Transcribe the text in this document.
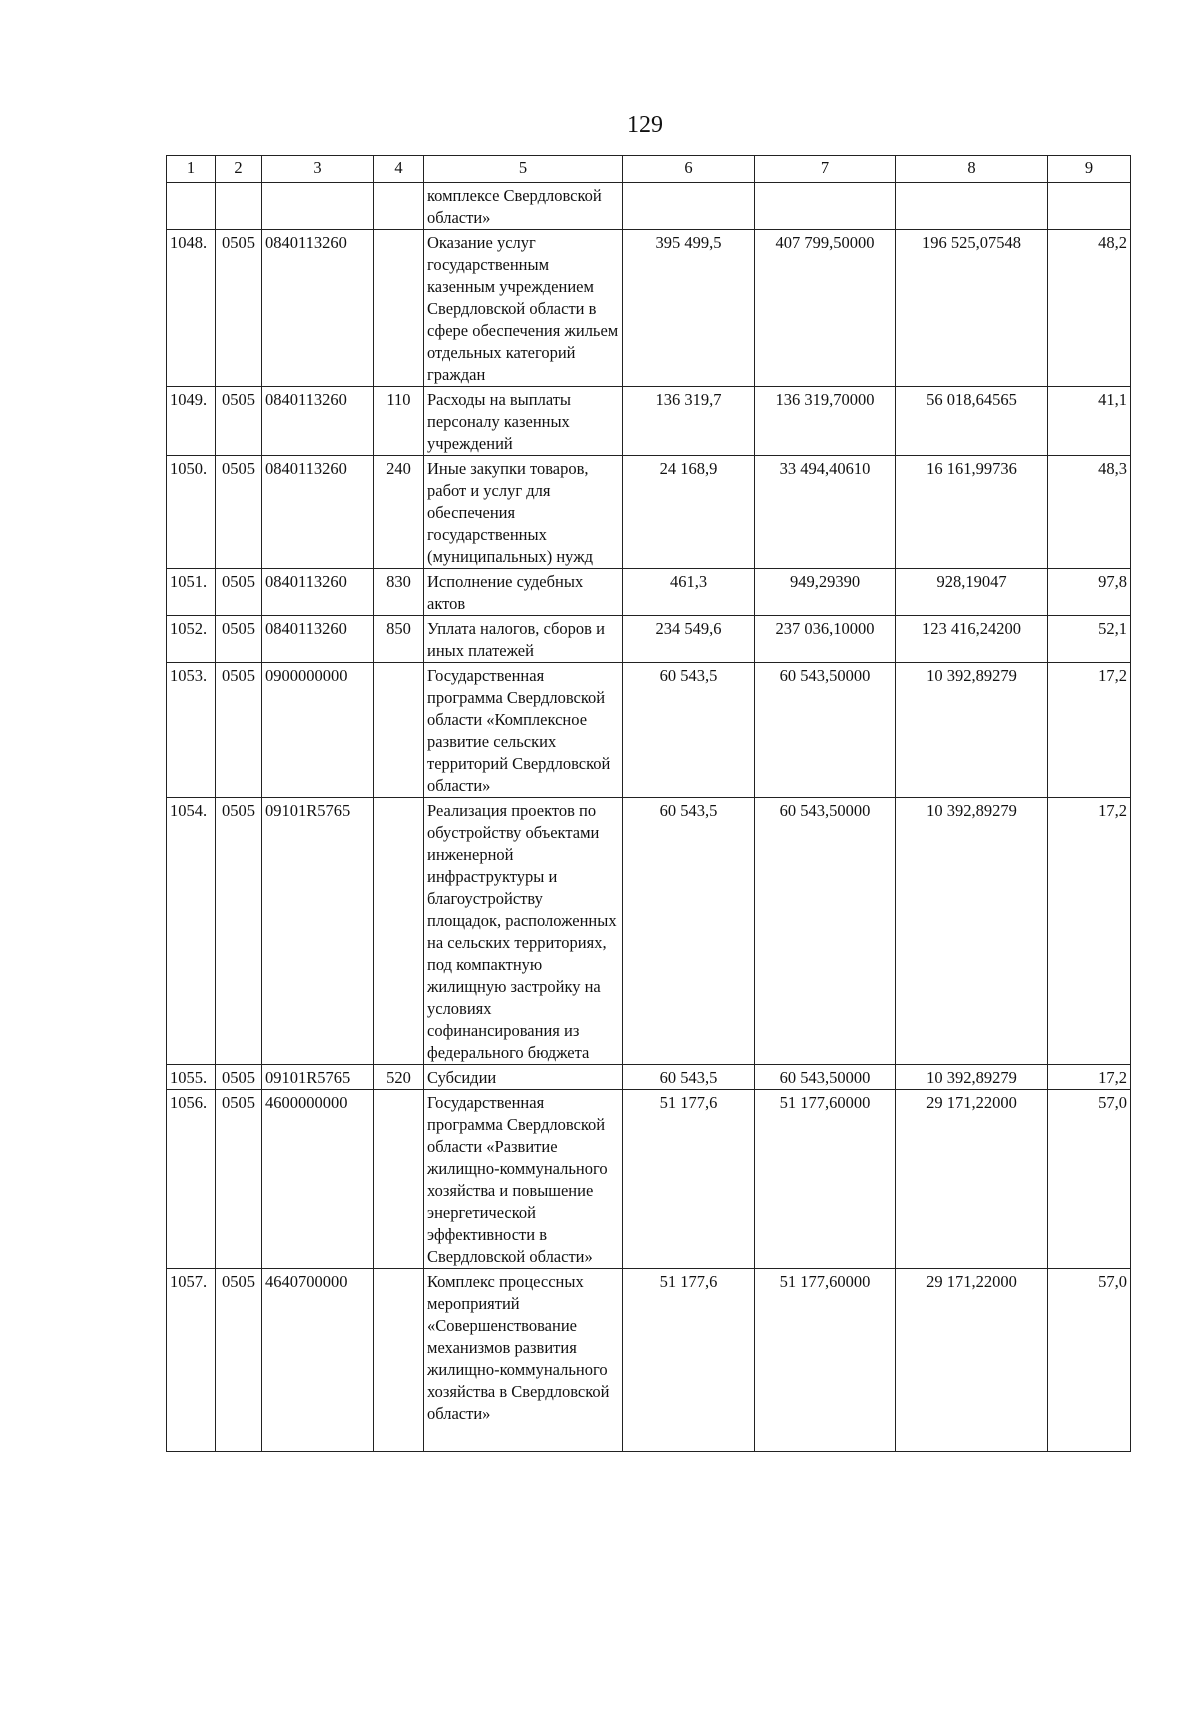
129
1	2	3	4	5	6	7	8	9
				комплексе Свердловской области»				
1048.	0505	0840113260		Оказание услуг государственным казенным учреждением Свердловской области в сфере обеспечения жильем отдельных категорий граждан	395 499,5	407 799,50000	196 525,07548	48,2
1049.	0505	0840113260	110	Расходы на выплаты персоналу казенных учреждений	136 319,7	136 319,70000	56 018,64565	41,1
1050.	0505	0840113260	240	Иные закупки товаров, работ и услуг для обеспечения государственных (муниципальных) нужд	24 168,9	33 494,40610	16 161,99736	48,3
1051.	0505	0840113260	830	Исполнение судебных актов	461,3	949,29390	928,19047	97,8
1052.	0505	0840113260	850	Уплата налогов, сборов и иных платежей	234 549,6	237 036,10000	123 416,24200	52,1
1053.	0505	0900000000		Государственная программа Свердловской области «Комплексное развитие сельских территорий Свердловской области»	60 543,5	60 543,50000	10 392,89279	17,2
1054.	0505	09101R5765		Реализация проектов по обустройству объектами инженерной инфраструктуры и благоустройству площадок, расположенных на сельских территориях, под компактную жилищную застройку на условиях софинансирования из федерального бюджета	60 543,5	60 543,50000	10 392,89279	17,2
1055.	0505	09101R5765	520	Субсидии	60 543,5	60 543,50000	10 392,89279	17,2
1056.	0505	4600000000		Государственная программа Свердловской области «Развитие жилищно-коммунального хозяйства и повышение энергетической эффективности в Свердловской области»	51 177,6	51 177,60000	29 171,22000	57,0
1057.	0505	4640700000		Комплекс процессных мероприятий «Совершенствование механизмов развития жилищно-коммунального хозяйства в Свердловской области»	51 177,6	51 177,60000	29 171,22000	57,0
